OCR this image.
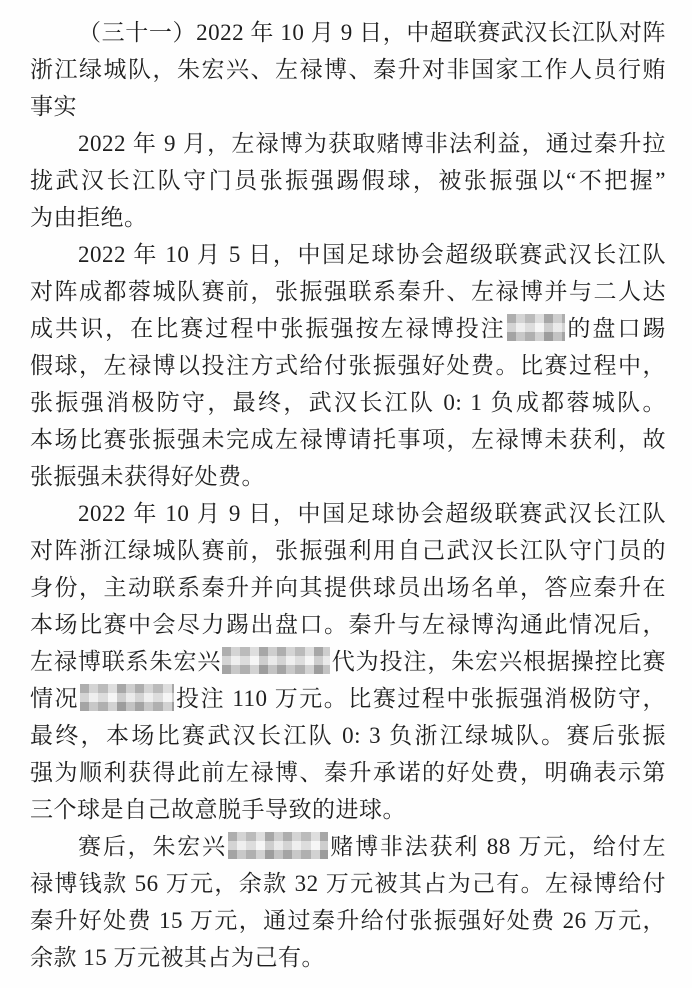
（三十一）2022 年 10 月 9 日，中超联赛武汉长江队对阵
浙江绿城队，朱宏兴、左禄博、秦升对非国家工作人员行贿
事实
2022 年 9 月，左禄博为获取赌博非法利益，通过秦升拉
拢武汉长江队守门员张振强踢假球，被张振强以“不把握”
为由拒绝。
2022 年 10 月 5 日，中国足球协会超级联赛武汉长江队
对阵成都蓉城队赛前，张振强联系秦升、左禄博并与二人达
成共识，在比赛过程中张振强按左禄博投注	的盘口踢
假球，左禄博以投注方式给付张振强好处费。比赛过程中，
张振强消极防守，最终，武汉长江队 0: 1 负成都蓉城队。
本场比赛张振强未完成左禄博请托事项，左禄博未获利，故
张振强未获得好处费。
2022 年 10 月 9 日，中国足球协会超级联赛武汉长江队
对阵浙江绿城队赛前，张振强利用自己武汉长江队守门员的
身份，主动联系秦升并向其提供球员出场名单，答应秦升在
本场比赛中会尽力踢出盘口。秦升与左禄博沟通此情况后，
左禄博联系朱宏兴	代为投注，朱宏兴根据操控比赛
情况	投注 110 万元。比赛过程中张振强消极防守，
最终，本场比赛武汉长江队 0: 3 负浙江绿城队。赛后张振
强为顺利获得此前左禄博、秦升承诺的好处费，明确表示第
三个球是自己故意脱手导致的进球。
赛后，朱宏兴	赌博非法获利 88 万元，给付左
禄博钱款 56 万元，余款 32 万元被其占为己有。左禄博给付
秦升好处费 15 万元，通过秦升给付张振强好处费 26 万元，
余款 15 万元被其占为己有。
